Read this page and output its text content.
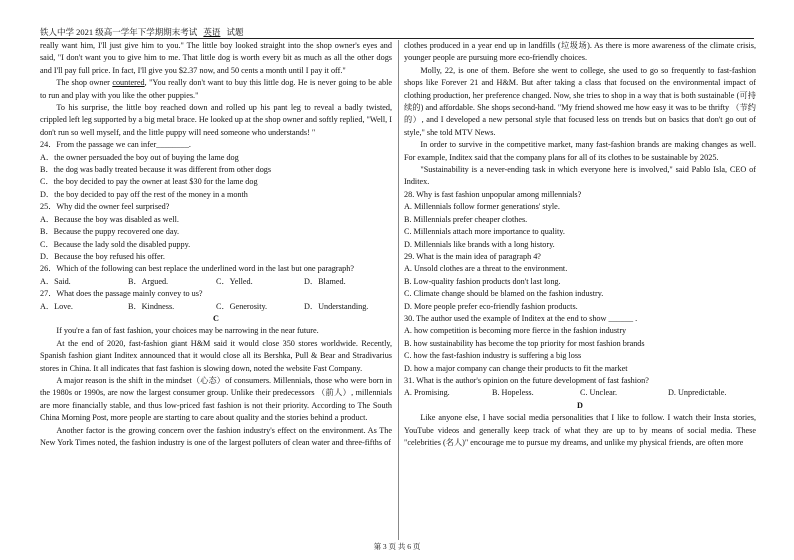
铁人中学 2021 级高一学年下学期期末考试 英语 试题

really want him, I'll just give him to you." The little boy looked straight into the shop owner's eyes and said, "I don't want you to give him to me. That little dog is worth every bit as much as all the other dogs and I'll pay full price. In fact, I'll give you $2.37 now, and 50 cents a month until I pay it off."

The shop owner countered, "You really don't want to buy this little dog. He is never going to be able to run and play with you like the other puppies."

To his surprise, the little boy reached down and rolled up his pant leg to reveal a badly twisted, crippled left leg supported by a big metal brace. He looked up at the shop owner and softly replied, "Well, I don't run so well myself, and the little puppy will need someone who understands! "

24．From the passage we can infer________.

A．the owner persuaded the boy out of buying the lame dog

B．the dog was badly treated because it was different from other dogs

C．the boy decided to pay the owner at least $30 for the lame dog

D．the boy decided to pay off the rest of the money in a month

25．Why did the owner feel surprised?

A．Because the boy was disabled as well.

B．Because the puppy recovered one day.

C．Because the lady sold the disabled puppy.

D．Because the boy refused his offer.

26．Which of the following can best replace the underlined word in the last but one paragraph?

A．Said.	B．Argued.	C．Yelled.	D．Blamed.

27．What does the passage mainly convey to us?

A．Love.	B．Kindness.	C．Generosity.	D．Understanding.

C

If you're a fan of fast fashion, your choices may be narrowing in the near future.

At the end of 2020, fast-fashion giant H&M said it would close 350 stores worldwide. Recently, Spanish fashion giant Inditex announced that it would close all its Bershka, Pull & Bear and Stradivarius stores in China. It all indicates that fast fashion is slowing down, noted the website Fast Company.

A major reason is the shift in the mindset（心态）of consumers. Millennials, those who were born in the 1980s or 1990s, are now the largest consumer group. Unlike their predecessors （前人）, millennials are more financially stable, and thus low-priced fast fashion is not their priority. According to The South China Morning Post, more people are starting to care about quality and the stories behind a product.

Another factor is the growing concern over the fashion industry's effect on the environment. As The New York Times noted, the fashion industry is one of the largest polluters of clean water and three-fifths of

clothes produced in a year end up in landfills (垃圾场). As there is more awareness of the climate crisis, younger people are pursuing more eco-friendly choices.

Molly, 22, is one of them. Before she went to college, she used to go so frequently to fast-fashion shops like Forever 21 and H&M. But after taking a class that focused on the environmental impact of clothing production, her preference changed. Now, she tries to shop in a way that is both sustainable (可持续的) and affordable. She shops second-hand. "My friend showed me how easy it was to be thrifty （节约的）, and I developed a new personal style that focused less on trends but on basics that don't go out of style," she told MTV News.

In order to survive in the competitive market, many fast-fashion brands are making changes as well. For example, Inditex said that the company plans for all of its clothes to be sustainable by 2025.

"Sustainability is a never-ending task in which everyone here is involved," said Pablo Isla, CEO of Inditex.

28. Why is fast fashion unpopular among millennials?

A. Millennials follow former generations' style.

B. Millennials prefer cheaper clothes.

C. Millennials attach more importance to quality.

D. Millennials like brands with a long history.

29. What is the main idea of paragraph 4?

A. Unsold clothes are a threat to the environment.

B. Low-quality fashion products don't last long.

C. Climate change should be blamed on the fashion industry.

D. More people prefer eco-friendly fashion products.

30. The author used the example of Inditex at the end to show ______ .

A. how competition is becoming more fierce in the fashion industry

B. how sustainability has become the top priority for most fashion brands

C. how the fast-fashion industry is suffering a big loss

D. how a major company can change their products to fit the market

31. What is the author's opinion on the future development of fast fashion?

A. Promising.	B. Hopeless.	C. Unclear.	D. Unpredictable.

D

Like anyone else, I have social media personalities that I like to follow. I watch their Insta stories, YouTube videos and generally keep track of what they are up to by means of social media. These "celebrities (名人)" encourage me to pursue my dreams, and unlike my physical friends, are often more

第 3 页 共 6 页
